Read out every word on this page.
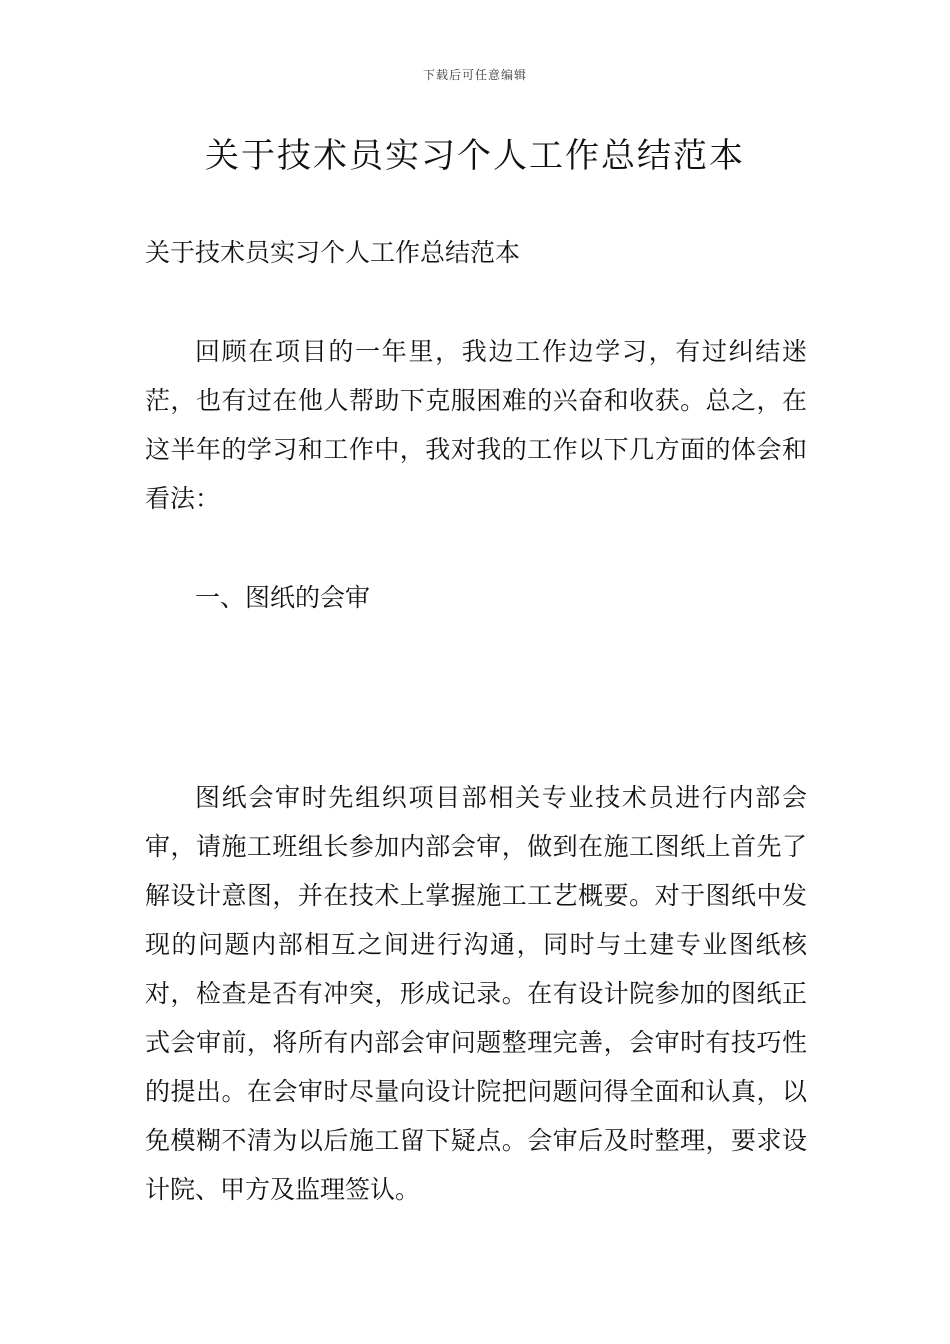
下载后可任意编辑
关于技术员实习个人工作总结范本

关于技术员实习个人工作总结范本

回顾在项目的一年里，我边工作边学习，有过纠结迷茫，也有过在他人帮助下克服困难的兴奋和收获。总之，在这半年的学习和工作中，我对我的工作以下几方面的体会和看法：

一、图纸的会审

图纸会审时先组织项目部相关专业技术员进行内部会审，请施工班组长参加内部会审，做到在施工图纸上首先了解设计意图，并在技术上掌握施工工艺概要。对于图纸中发现的问题内部相互之间进行沟通，同时与土建专业图纸核对，检查是否有冲突，形成记录。在有设计院参加的图纸正式会审前，将所有内部会审问题整理完善，会审时有技巧性的提出。在会审时尽量向设计院把问题问得全面和认真，以免模糊不清为以后施工留下疑点。会审后及时整理，要求设计院、甲方及监理签认。
